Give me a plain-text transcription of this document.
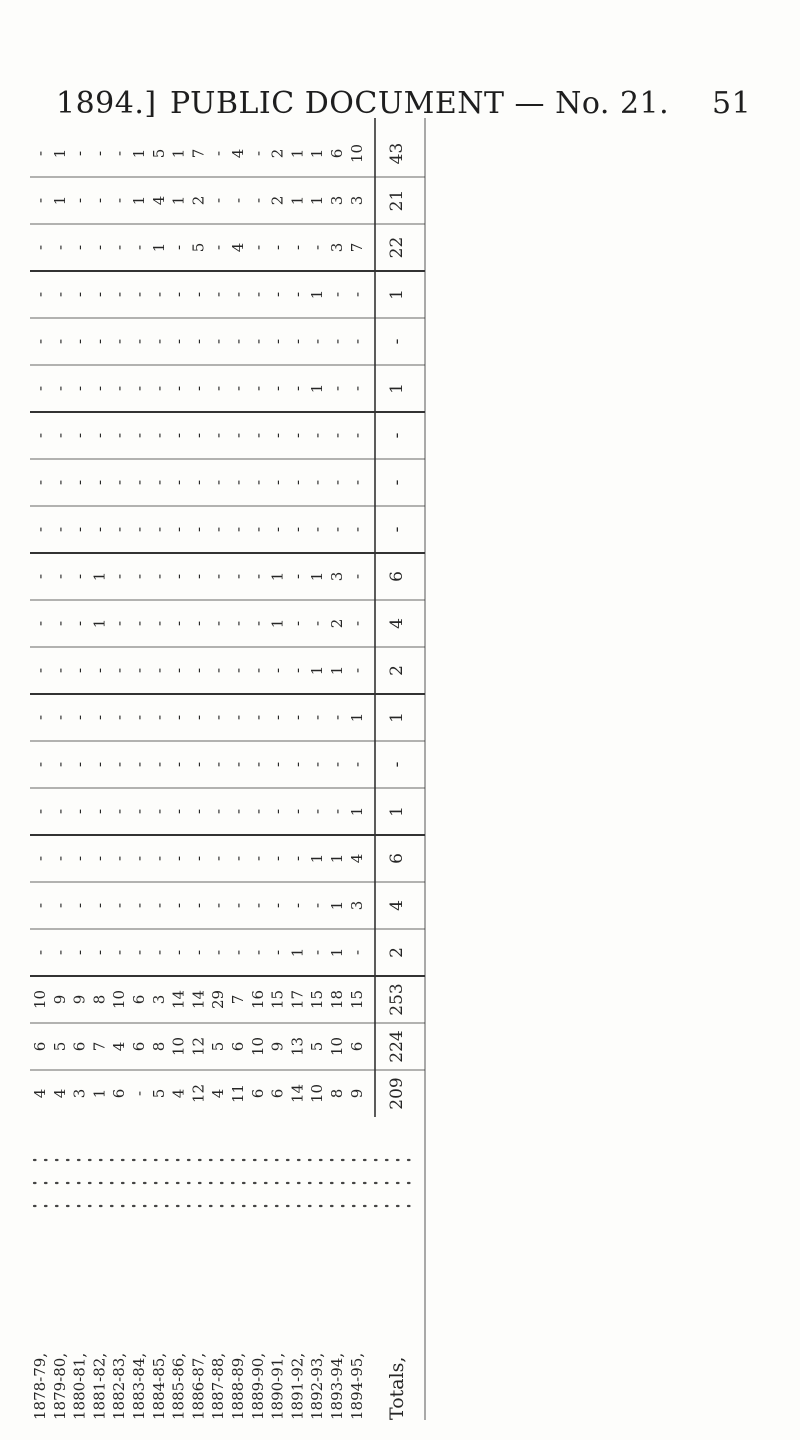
1894.] PUBLIC DOCUMENT — No. 21. 51
- 1 - - - 1 5 1 7 - 4 - 2 1 1 6 10 43
- 1 - - - 1 4 1 2 - - - 2 1 1 3 3 21
- - - - - - 1 - 5 - 4 - - - - 3 7 22
- - - - - - - - - - - - - - 1 - - 1
- - - - - - - - - - - - - - - - - -
- - - - - - - - - - - - - - 1 - - 1
- - - - - - - - - - - - - - - - - -
- - - - - - - - - - - - - - - - - -
- - - - - - - - - - - - - - - - - -
- - - 1 - - - - - - - - 1 - 1 3 - 6
- - - 1 - - - - - - - - 1 - - 2 - 4
- - - - - - - - - - - - - - 1 1 - 2
- - - - - - - - - - - - - - - - 1 1
- - - - - - - - - - - - - - - - - -
- - - - - - - - - - - - - - - - 1 1
- - - - - - - - - - - - - - 1 1 4 6
- - - - - - - - - - - - - - - 1 3 4
- - - - - - - - - - - - - 1 - 1 - 2
10 9 9 8 10 6 3 14 14 29 7 16 15 17 15 18 15 253
6 5 6 7 4 6 8 10 12 5 6 10 9 13 5 10 6 224
4 4 3 1 6 - 5 4 12 4 11 6 6 14 10 8 9 209
1878-79, 1879-80, 1880-81, 1881-82, 1882-83, 1883-84, 1884-85, 1885-86, 1886-87, 1887-88, 1888-89, 1889-90, 1890-91, 1891-92, 1892-93, 1893-94, 1894-95, Totals,
